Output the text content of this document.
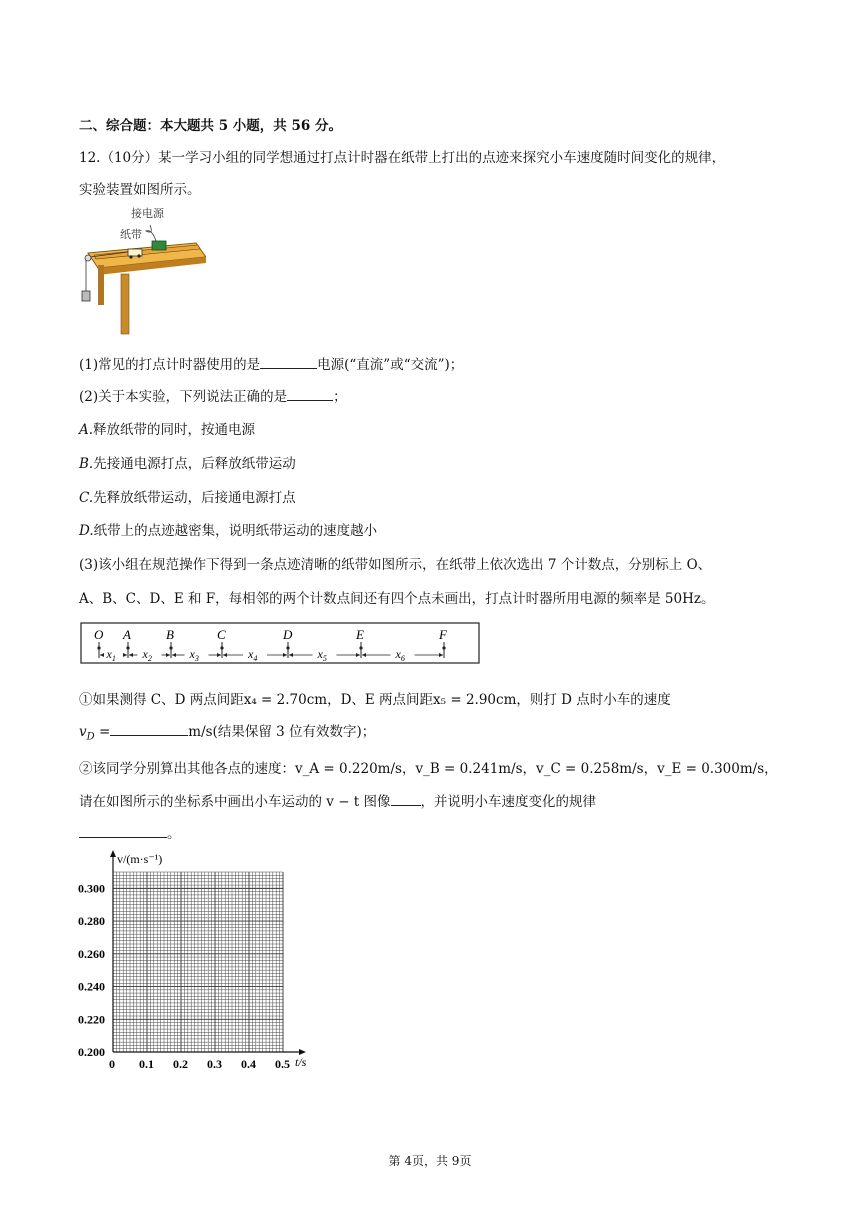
二、综合题：本大题共 5 小题，共 56 分。
12.（10分）某一学习小组的同学想通过打点计时器在纸带上打出的点迹来探究小车速度随时间变化的规律，
实验装置如图所示。
接电源
纸带
(1)常见的打点计时器使用的是	电源(“直流”或“交流”)；
(2)关于本实验，下列说法正确的是	；
A.释放纸带的同时，按通电源
B.先接通电源打点，后释放纸带运动
C.先释放纸带运动，后接通电源打点
D.纸带上的点迹越密集，说明纸带运动的速度越小
(3)该小组在规范操作下得到一条点迹清晰的纸带如图所示，在纸带上依次选出 7 个计数点，分别标上 O、
A、B、C、D、E 和 F，每相邻的两个计数点间还有四个点未画出，打点计时器所用电源的频率是 50Hz。
O A	B	C	D	E	F
$x_1$ $x_2$	$x_3$	$x_4$	$x_5$	$x_6$
①如果测得 C、D 两点间距x₄ = 2.70cm，D、E 两点间距x₅ = 2.90cm，则打 D 点时小车的速度
$v_D$ =	m/s(结果保留 3 位有效数字)；
②该同学分别算出其他各点的速度：v_A = 0.220m/s，v_B = 0.241m/s，v_C = 0.258m/s，v_E = 0.300m/s，
请在如图所示的坐标系中画出小车运动的 v − t 图像 ，并说明小车速度变化的规律
。
0.300
0.280
0.260
0.240
0.220
0.200
0 0.1 0.2 0.3 0.4 0.5
v/(m·s⁻¹)
t/s
第 4页，共 9页
